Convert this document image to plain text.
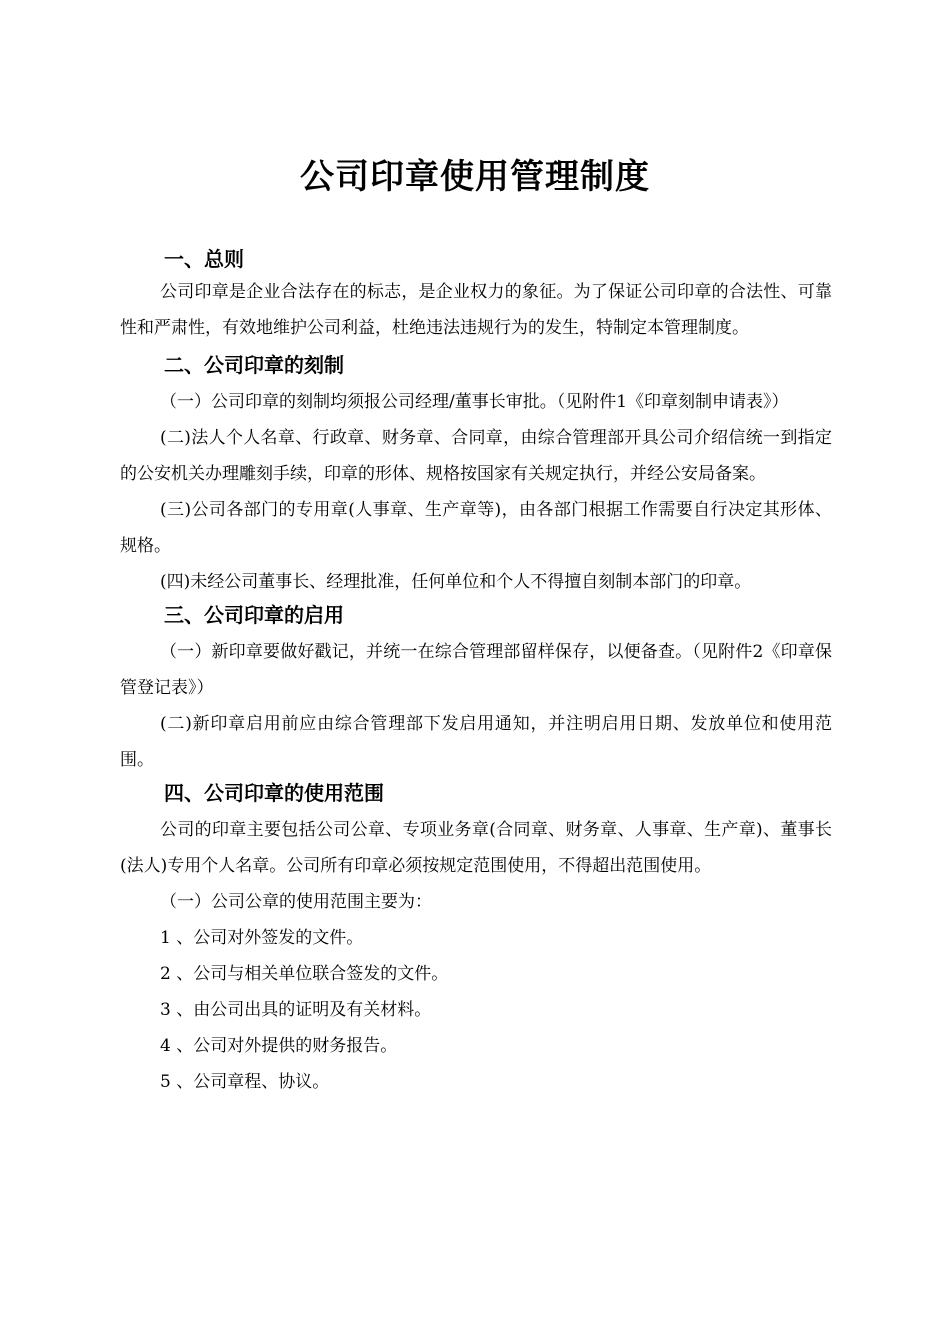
公司印章使用管理制度
一、总则

公司印章是企业合法存在的标志，是企业权力的象征。为了保证公司印章的合法性、可靠性和严肃性，有效地维护公司利益，杜绝违法违规行为的发生，特制定本管理制度。

二、公司印章的刻制

（一）公司印章的刻制均须报公司经理/董事长审批。（见附件1《印章刻制申请表》）

(二)法人个人名章、行政章、财务章、合同章，由综合管理部开具公司介绍信统一到指定的公安机关办理雕刻手续，印章的形体、规格按国家有关规定执行，并经公安局备案。

(三)公司各部门的专用章(人事章、生产章等)，由各部门根据工作需要自行决定其形体、规格。

(四)未经公司董事长、经理批准，任何单位和个人不得擅自刻制本部门的印章。

三、公司印章的启用

（一）新印章要做好戳记，并统一在综合管理部留样保存，以便备查。（见附件2《印章保管登记表》）

(二)新印章启用前应由综合管理部下发启用通知，并注明启用日期、发放单位和使用范围。

四、公司印章的使用范围

公司的印章主要包括公司公章、专项业务章(合同章、财务章、人事章、生产章)、董事长(法人)专用个人名章。公司所有印章必须按规定范围使用，不得超出范围使用。

（一）公司公章的使用范围主要为：

1 、公司对外签发的文件。

2 、公司与相关单位联合签发的文件。

3 、由公司出具的证明及有关材料。

4 、公司对外提供的财务报告。

5 、公司章程、协议。
